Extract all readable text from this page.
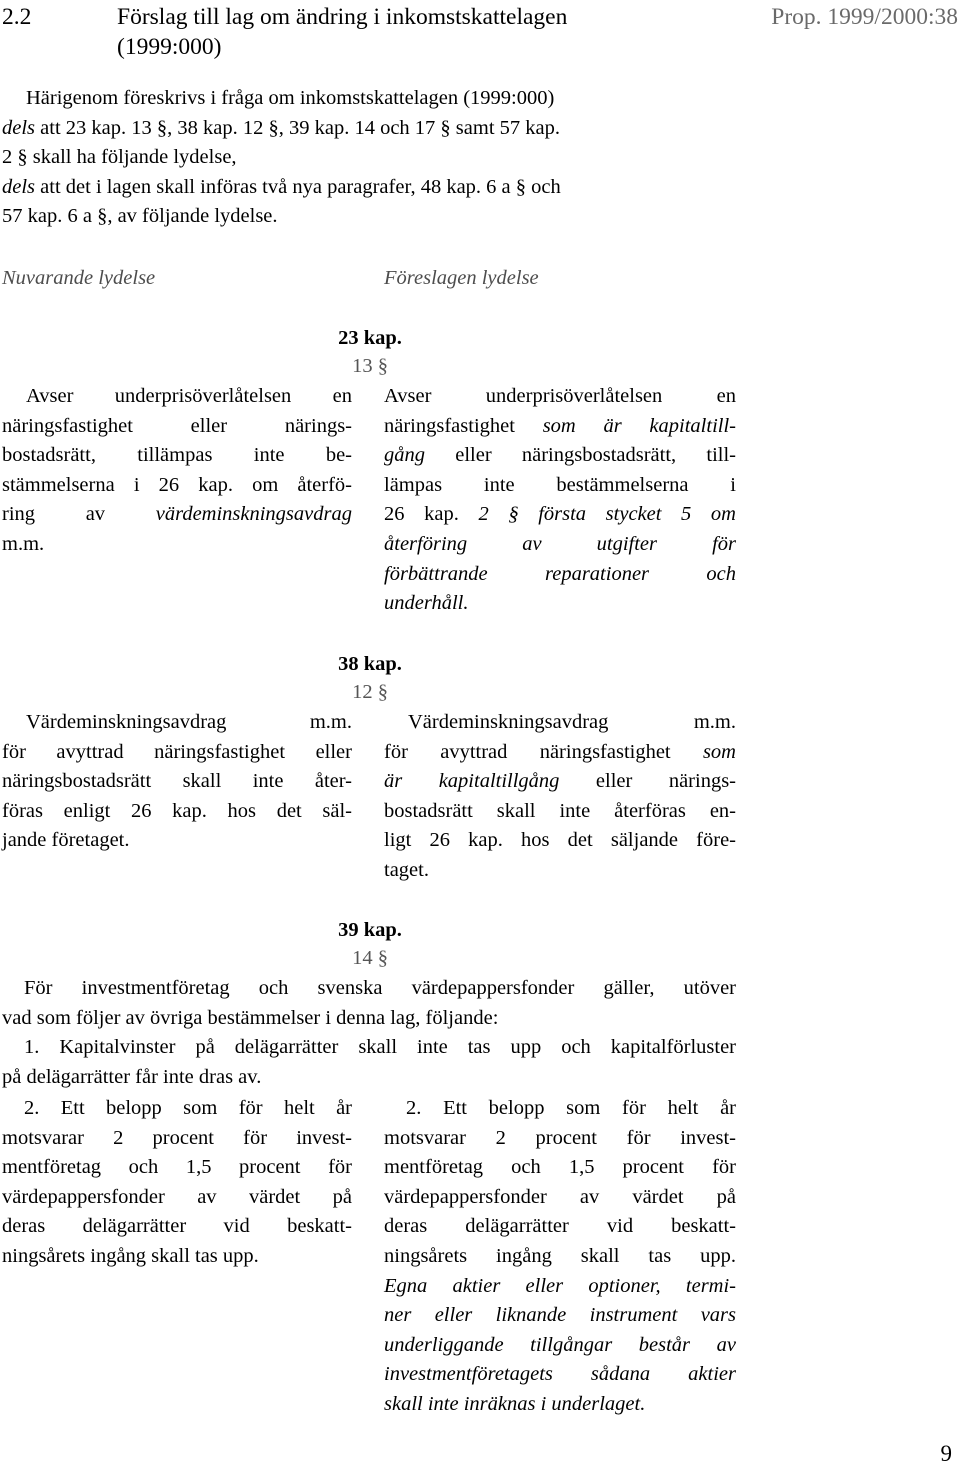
2.2	Förslag till lag om ändring i inkomstskattelagen
(1999:000)
Prop. 1999/2000:38
Härigenom föreskrivs i fråga om inkomstskattelagen (1999:000)
dels att 23 kap. 13 §, 38 kap. 12 §, 39 kap. 14 och 17 § samt 57 kap.
2 § skall ha följande lydelse,
dels att det i lagen skall införas två nya paragrafer, 48 kap. 6 a § och
57 kap. 6 a §, av följande lydelse.
Nuvarande lydelse	Föreslagen lydelse
23 kap.
13 §
Avser underprisöverlåtelsen en
näringsfastighet eller närings-
bostadsrätt, tillämpas inte be-
stämmelserna i 26 kap. om återfö-
ring av värdeminskningsavdrag
m.m.
Avser underprisöverlåtelsen en
näringsfastighet som är kapitaltill-
gång eller näringsbostadsrätt, till-
lämpas inte bestämmelserna i
26 kap. 2 § första stycket 5 om
återföring av utgifter för
förbättrande reparationer och
underhåll.
38 kap.
12 §
Värdeminskningsavdrag m.m.
för avyttrad näringsfastighet eller
näringsbostadsrätt skall inte åter-
föras enligt 26 kap. hos det säl-
jande företaget.
Värdeminskningsavdrag m.m.
för avyttrad näringsfastighet som
är kapitaltillgång eller närings-
bostadsrätt skall inte återföras en-
ligt 26 kap. hos det säljande före-
taget.
39 kap.
14 §
För investmentföretag och svenska värdepappersfonder gäller, utöver
vad som följer av övriga bestämmelser i denna lag, följande:
1. Kapitalvinster på delägarrätter skall inte tas upp och kapitalförluster
på delägarrätter får inte dras av.
2. Ett belopp som för helt år
motsvarar 2 procent för invest-
mentföretag och 1,5 procent för
värdepappersfonder av värdet på
deras delägarrätter vid beskatt-
ningsårets ingång skall tas upp.
2. Ett belopp som för helt år
motsvarar 2 procent för invest-
mentföretag och 1,5 procent för
värdepappersfonder av värdet på
deras delägarrätter vid beskatt-
ningsårets ingång skall tas upp.
Egna aktier eller optioner, termi-
ner eller liknande instrument vars
underliggande tillgångar består av
investmentföretagets sådana aktier
skall inte inräknas i underlaget.
9
